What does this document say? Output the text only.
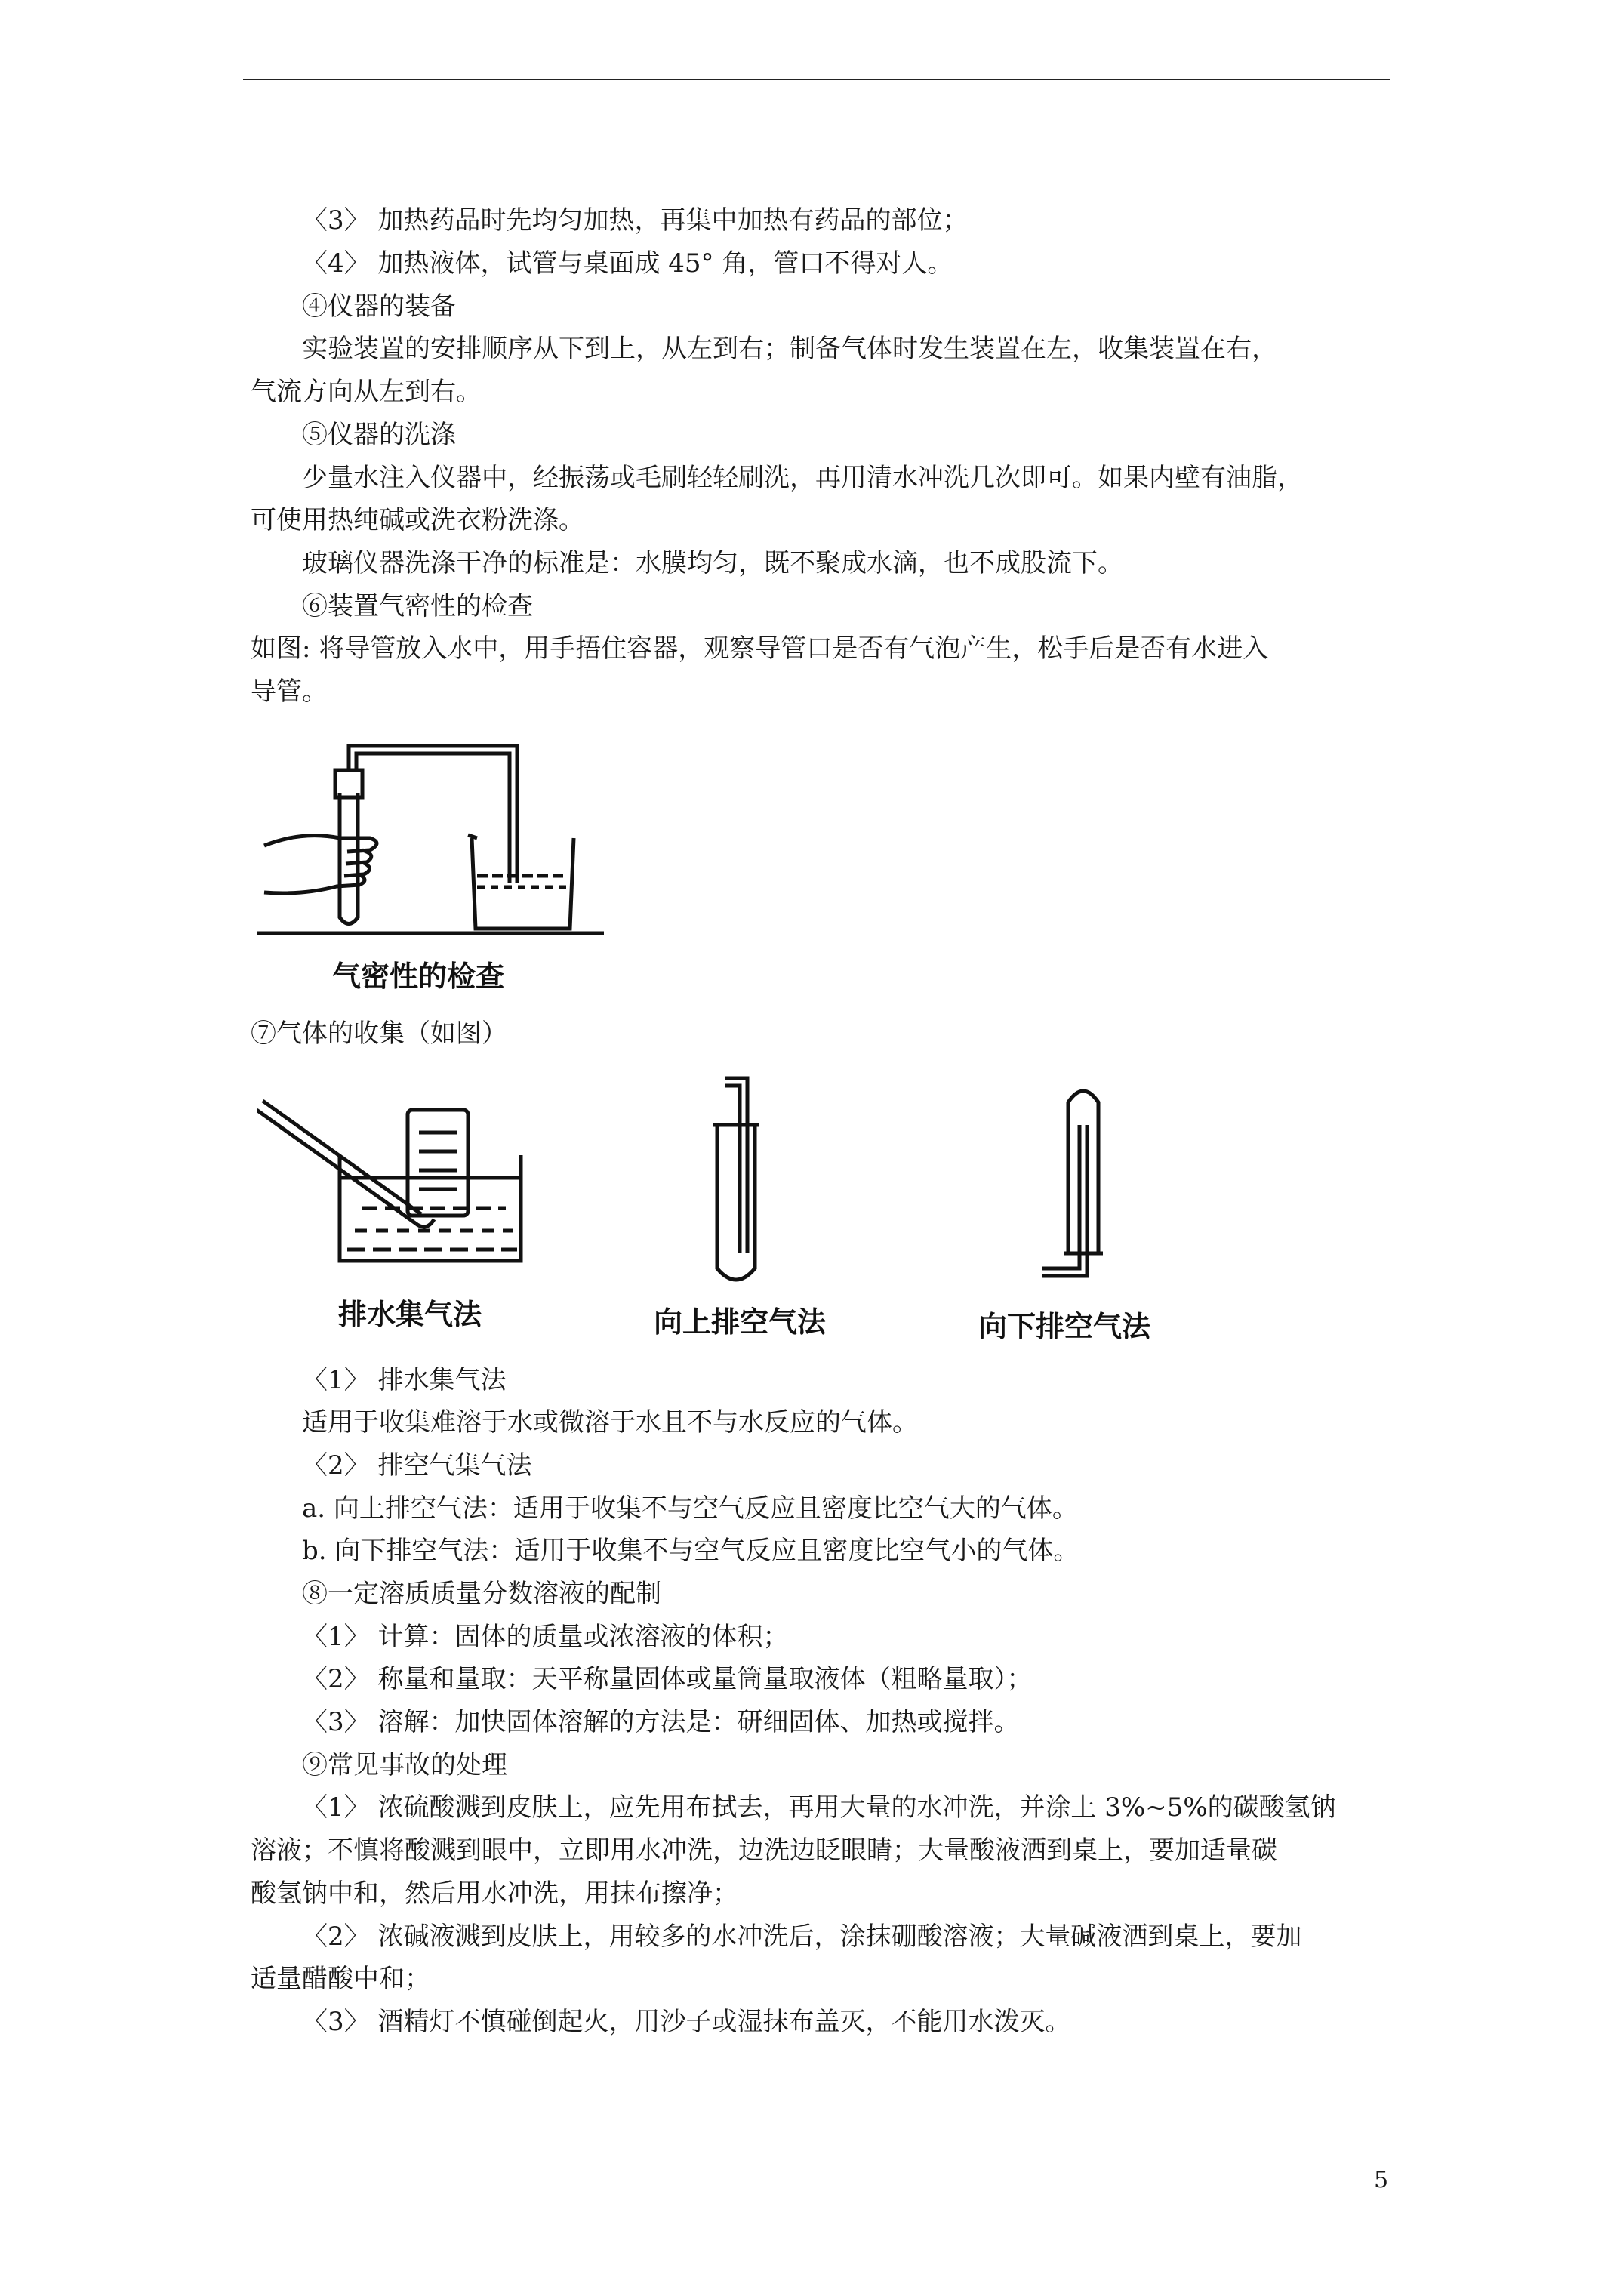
〈3〉 加热药品时先均匀加热，再集中加热有药品的部位；
〈4〉 加热液体，试管与桌面成 45° 角，管口不得对人。
④仪器的装备
实验装置的安排顺序从下到上，从左到右；制备气体时发生装置在左，收集装置在右，
气流方向从左到右。
⑤仪器的洗涤
少量水注入仪器中，经振荡或毛刷轻轻刷洗，再用清水冲洗几次即可。如果内壁有油脂，
可使用热纯碱或洗衣粉洗涤。
玻璃仪器洗涤干净的标准是：水膜均匀，既不聚成水滴，也不成股流下。
⑥装置气密性的检查
如图: 将导管放入水中，用手捂住容器，观察导管口是否有气泡产生，松手后是否有水进入
导管。
气密性的检查
⑦气体的收集（如图）
排水集气法	向上排空气法	向下排空气法
〈1〉 排水集气法
适用于收集难溶于水或微溶于水且不与水反应的气体。
〈2〉 排空气集气法
a. 向上排空气法：适用于收集不与空气反应且密度比空气大的气体。
b. 向下排空气法：适用于收集不与空气反应且密度比空气小的气体。
⑧一定溶质质量分数溶液的配制
〈1〉 计算：固体的质量或浓溶液的体积；
〈2〉 称量和量取：天平称量固体或量筒量取液体（粗略量取）；
〈3〉 溶解：加快固体溶解的方法是：研细固体、加热或搅拌。
⑨常见事故的处理
〈1〉 浓硫酸溅到皮肤上，应先用布拭去，再用大量的水冲洗，并涂上 3%~5%的碳酸氢钠
溶液；不慎将酸溅到眼中，立即用水冲洗，边洗边眨眼睛；大量酸液洒到桌上，要加适量碳
酸氢钠中和，然后用水冲洗，用抹布擦净；
〈2〉 浓碱液溅到皮肤上，用较多的水冲洗后，涂抹硼酸溶液；大量碱液洒到桌上，要加
适量醋酸中和；
〈3〉 酒精灯不慎碰倒起火，用沙子或湿抹布盖灭，不能用水泼灭。
5
